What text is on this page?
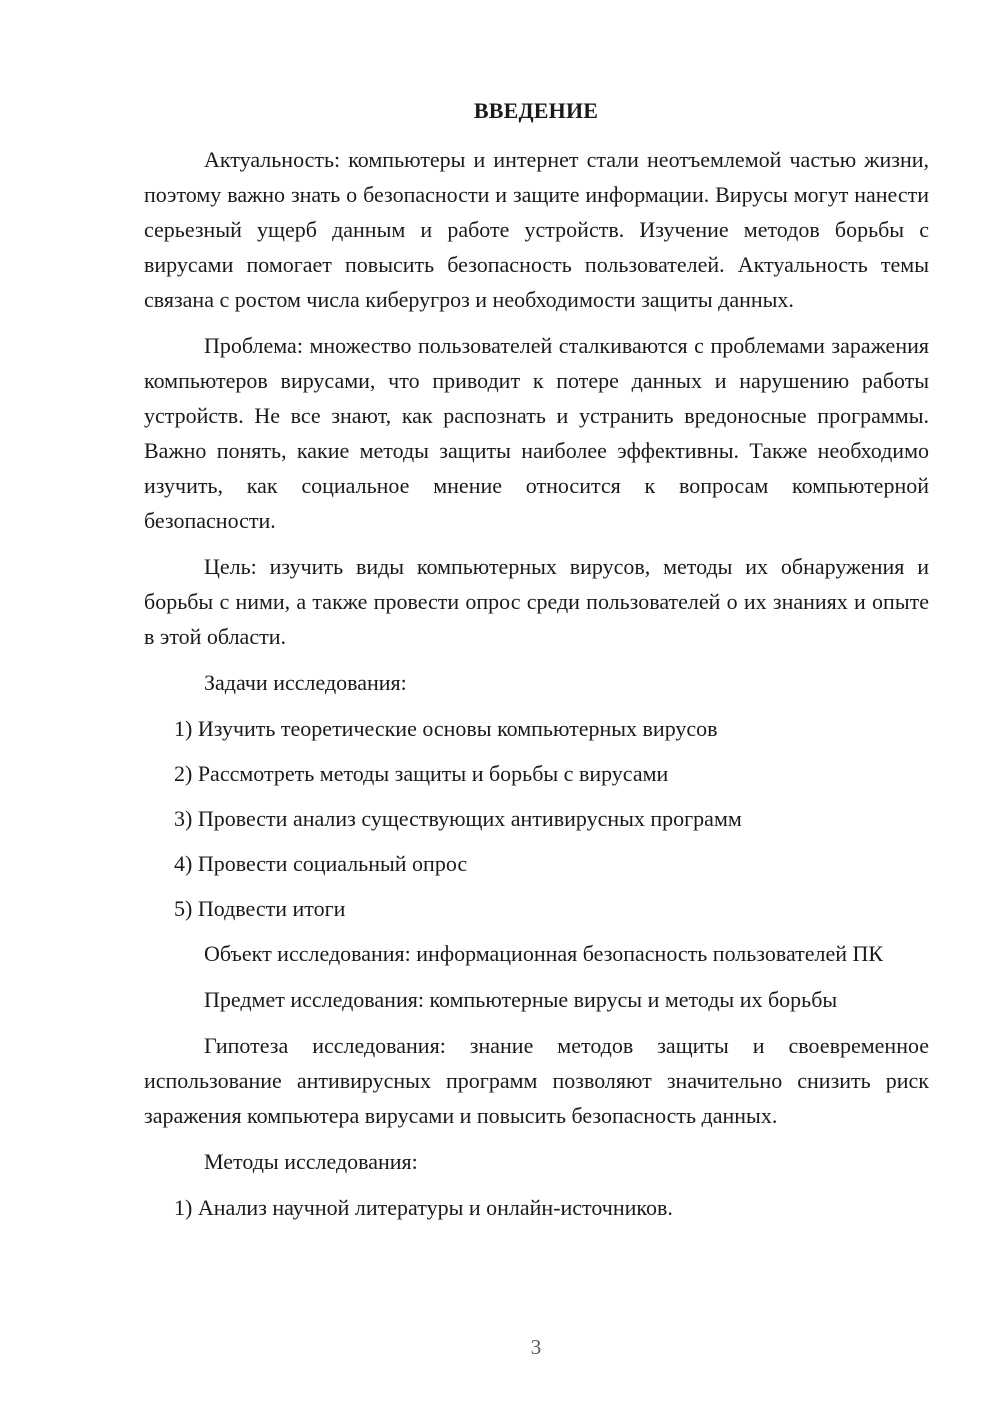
ВВЕДЕНИЕ

Актуальность: компьютеры и интернет стали неотъемлемой частью жизни, поэтому важно знать о безопасности и защите информации. Вирусы могут нанести серьезный ущерб данным и работе устройств. Изучение методов борьбы с вирусами помогает повысить безопасность пользователей. Актуальность темы связана с ростом числа киберугроз и необходимости защиты данных.

Проблема: множество пользователей сталкиваются с проблемами заражения компьютеров вирусами, что приводит к потере данных и нарушению работы устройств. Не все знают, как распознать и устранить вредоносные программы. Важно понять, какие методы защиты наиболее эффективны. Также необходимо изучить, как социальное мнение относится к вопросам компьютерной безопасности.

Цель: изучить виды компьютерных вирусов, методы их обнаружения и борьбы с ними, а также провести опрос среди пользователей о их знаниях и опыте в этой области.

Задачи исследования:

1) Изучить теоретические основы компьютерных вирусов

2) Рассмотреть методы защиты и борьбы с вирусами

3) Провести анализ существующих антивирусных программ

4) Провести социальный опрос

5) Подвести итоги

Объект исследования: информационная безопасность пользователей ПК

Предмет исследования: компьютерные вирусы и методы их борьбы

Гипотеза исследования: знание методов защиты и своевременное использование антивирусных программ позволяют значительно снизить риск заражения компьютера вирусами и повысить безопасность данных.

Методы исследования:

1) Анализ научной литературы и онлайн-источников.

3
